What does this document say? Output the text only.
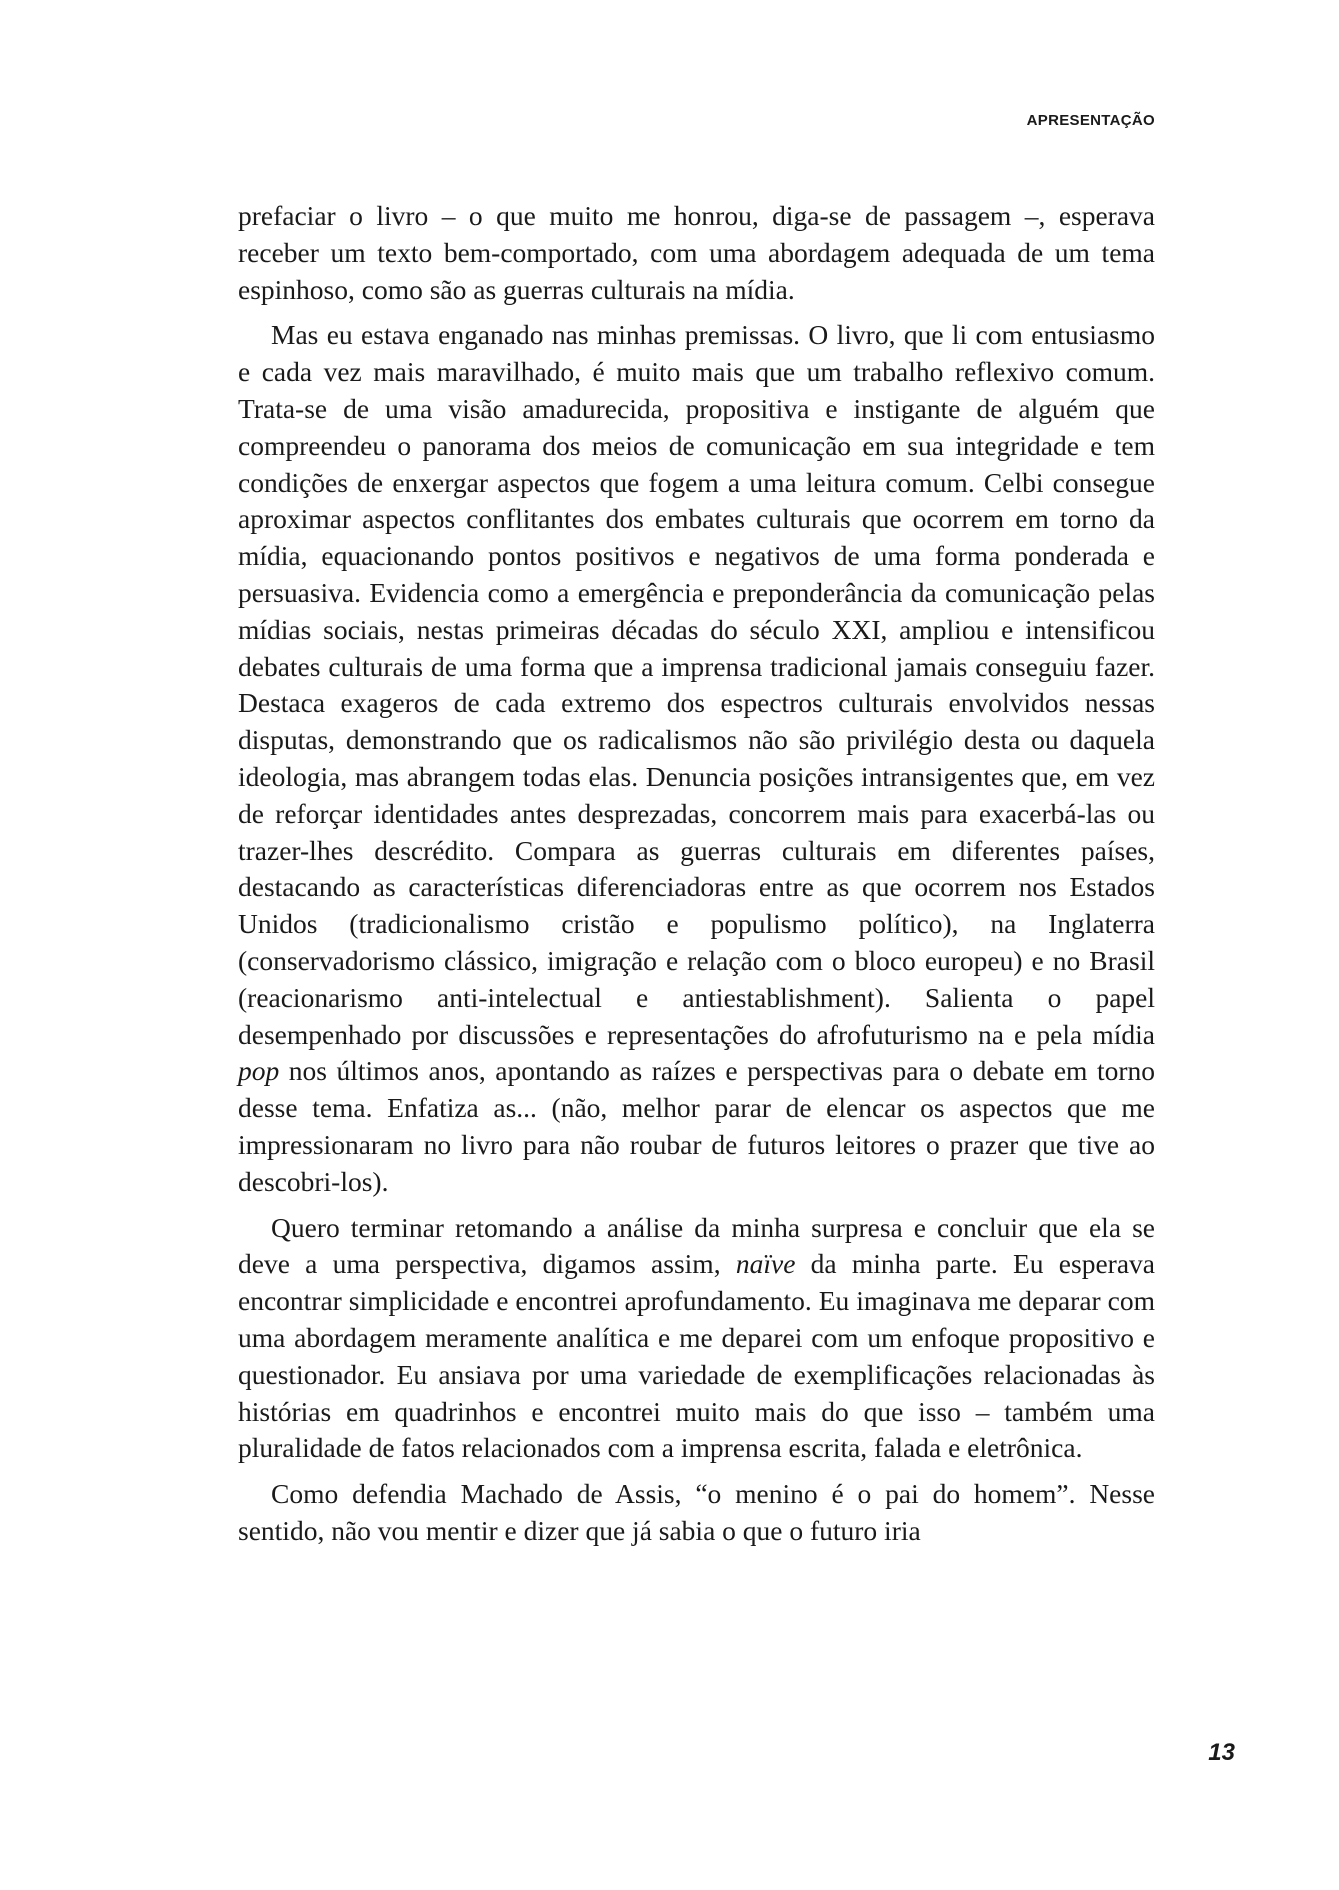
APRESENTAÇÃO

prefaciar o livro – o que muito me honrou, diga-se de passagem –, esperava receber um texto bem-comportado, com uma abordagem adequada de um tema espinhoso, como são as guerras culturais na mídia.

Mas eu estava enganado nas minhas premissas. O livro, que li com entusiasmo e cada vez mais maravilhado, é muito mais que um trabalho reflexivo comum. Trata-se de uma visão amadurecida, propositiva e instigante de alguém que compreendeu o panorama dos meios de comunicação em sua integridade e tem condições de enxergar aspectos que fogem a uma leitura comum. Celbi consegue aproximar aspectos conflitantes dos embates culturais que ocorrem em torno da mídia, equacionando pontos positivos e negativos de uma forma ponderada e persuasiva. Evidencia como a emergência e preponderância da comunicação pelas mídias sociais, nestas primeiras décadas do século XXI, ampliou e intensificou debates culturais de uma forma que a imprensa tradicional jamais conseguiu fazer. Destaca exageros de cada extremo dos espectros culturais envolvidos nessas disputas, demonstrando que os radicalismos não são privilégio desta ou daquela ideologia, mas abrangem todas elas. Denuncia posições intransigentes que, em vez de reforçar identidades antes desprezadas, concorrem mais para exacerbá-las ou trazer-lhes descrédito. Compara as guerras culturais em diferentes países, destacando as características diferenciadoras entre as que ocorrem nos Estados Unidos (tradicionalismo cristão e populismo político), na Inglaterra (conservadorismo clássico, imigração e relação com o bloco europeu) e no Brasil (reacionarismo anti-intelectual e antiestablishment). Salienta o papel desempenhado por discussões e representações do afrofuturismo na e pela mídia pop nos últimos anos, apontando as raízes e perspectivas para o debate em torno desse tema. Enfatiza as... (não, melhor parar de elencar os aspectos que me impressionaram no livro para não roubar de futuros leitores o prazer que tive ao descobri-los).

Quero terminar retomando a análise da minha surpresa e concluir que ela se deve a uma perspectiva, digamos assim, naïve da minha parte. Eu esperava encontrar simplicidade e encontrei aprofundamento. Eu imaginava me deparar com uma abordagem meramente analítica e me deparei com um enfoque propositivo e questionador. Eu ansiava por uma variedade de exemplificações relacionadas às histórias em quadrinhos e encontrei muito mais do que isso – também uma pluralidade de fatos relacionados com a imprensa escrita, falada e eletrônica.

Como defendia Machado de Assis, “o menino é o pai do homem”. Nesse sentido, não vou mentir e dizer que já sabia o que o futuro iria

13
